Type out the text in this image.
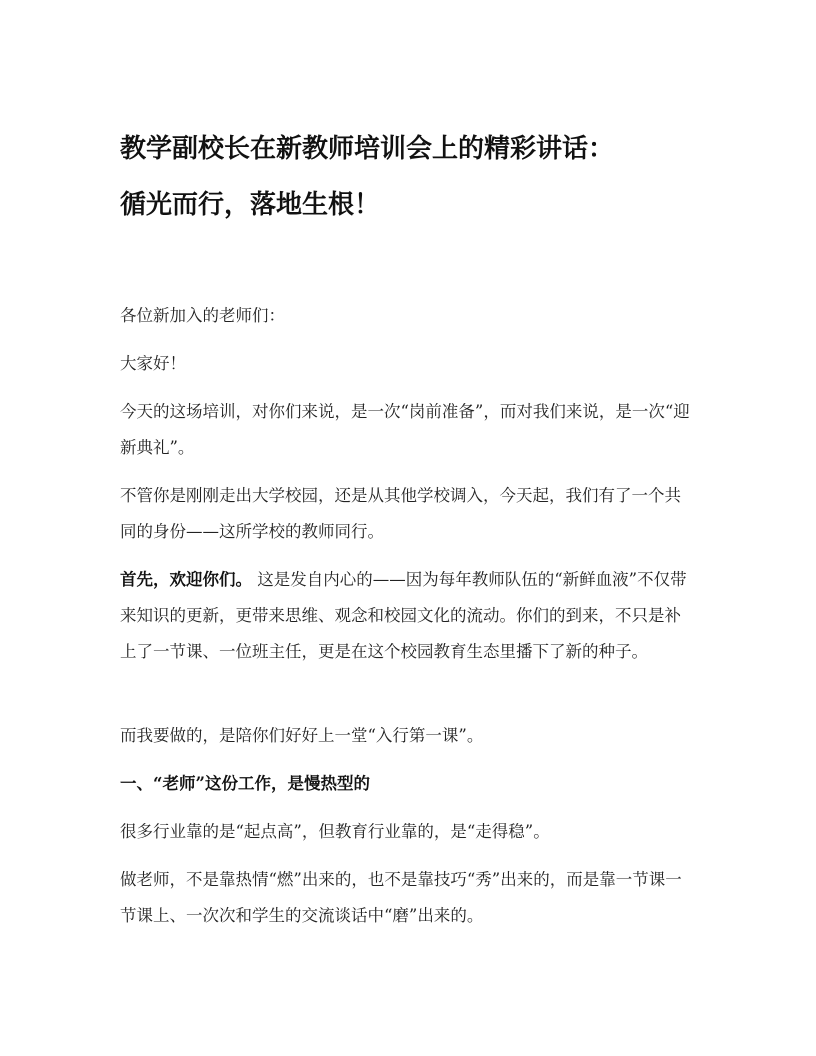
教学副校长在新教师培训会上的精彩讲话：
循光而行，落地生根！

各位新加入的老师们：

大家好！

今天的这场培训，对你们来说，是一次“岗前准备”，而对我们来说，是一次“迎新典礼”。

不管你是刚刚走出大学校园，还是从其他学校调入，今天起，我们有了一个共同的身份——这所学校的教师同行。

首先，欢迎你们。 这是发自内心的——因为每年教师队伍的“新鲜血液”不仅带来知识的更新，更带来思维、观念和校园文化的流动。你们的到来，不只是补上了一节课、一位班主任，更是在这个校园教育生态里播下了新的种子。

而我要做的，是陪你们好好上一堂“入行第一课”。

一、“老师”这份工作，是慢热型的

很多行业靠的是“起点高”，但教育行业靠的，是“走得稳”。

做老师，不是靠热情“燃”出来的，也不是靠技巧“秀”出来的，而是靠一节课一节课上、一次次和学生的交流谈话中“磨”出来的。
